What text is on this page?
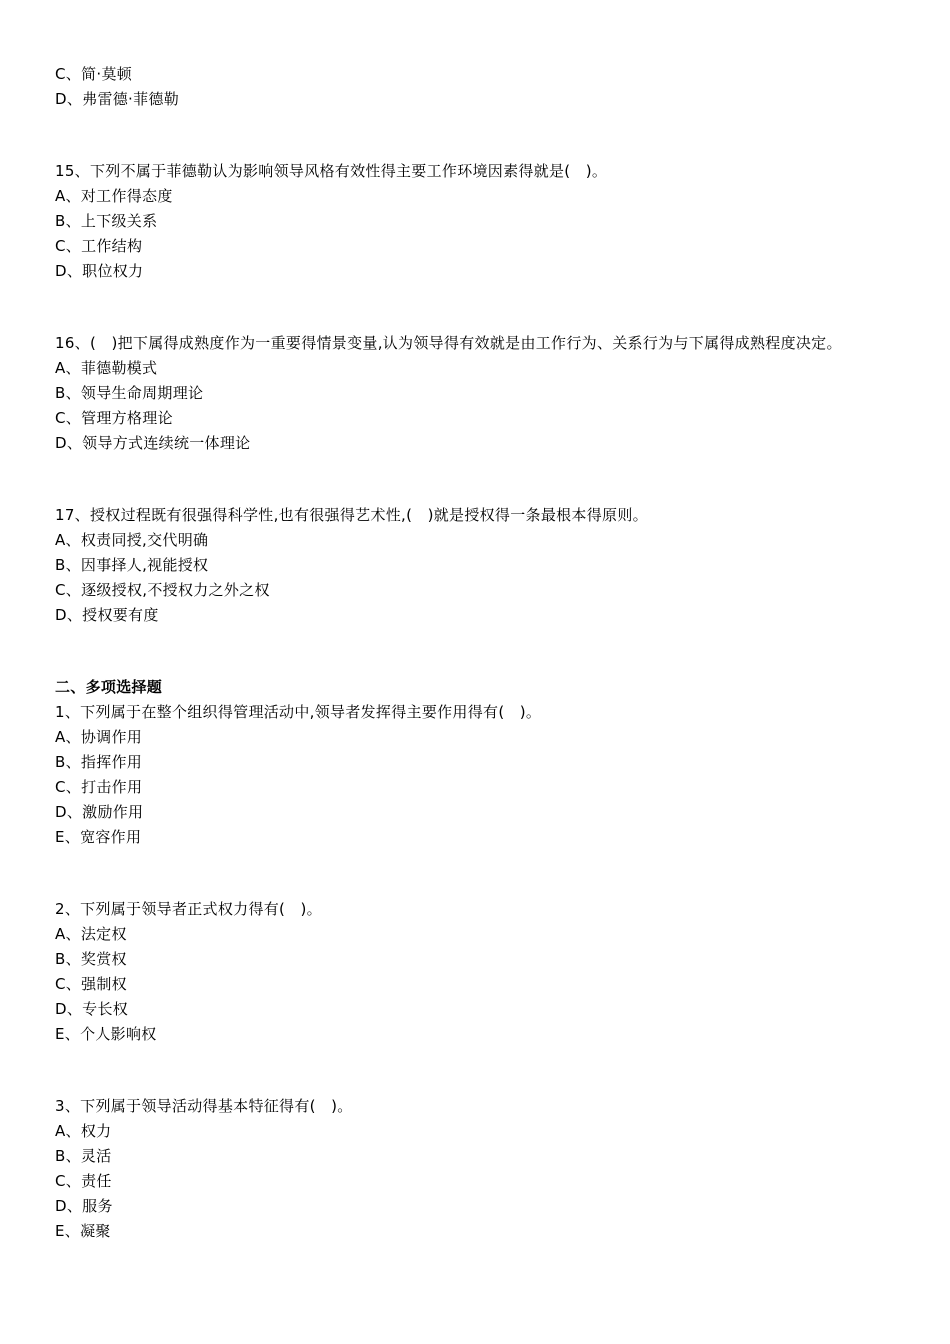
C、简·莫顿
D、弗雷德·菲德勒
15、下列不属于菲德勒认为影响领导风格有效性得主要工作环境因素得就是(　)。
A、对工作得态度
B、上下级关系
C、工作结构
D、职位权力
16、(　)把下属得成熟度作为一重要得情景变量,认为领导得有效就是由工作行为、关系行为与下属得成熟程度决定。
A、菲德勒模式
B、领导生命周期理论
C、管理方格理论
D、领导方式连续统一体理论
17、授权过程既有很强得科学性,也有很强得艺术性,(　)就是授权得一条最根本得原则。
A、权责同授,交代明确
B、因事择人,视能授权
C、逐级授权,不授权力之外之权
D、授权要有度
二、多项选择题
1、下列属于在整个组织得管理活动中,领导者发挥得主要作用得有(　)。
A、协调作用
B、指挥作用
C、打击作用
D、激励作用
E、宽容作用
2、下列属于领导者正式权力得有(　)。
A、法定权
B、奖赏权
C、强制权
D、专长权
E、个人影响权
3、下列属于领导活动得基本特征得有(　)。
A、权力
B、灵活
C、责任
D、服务
E、凝聚
